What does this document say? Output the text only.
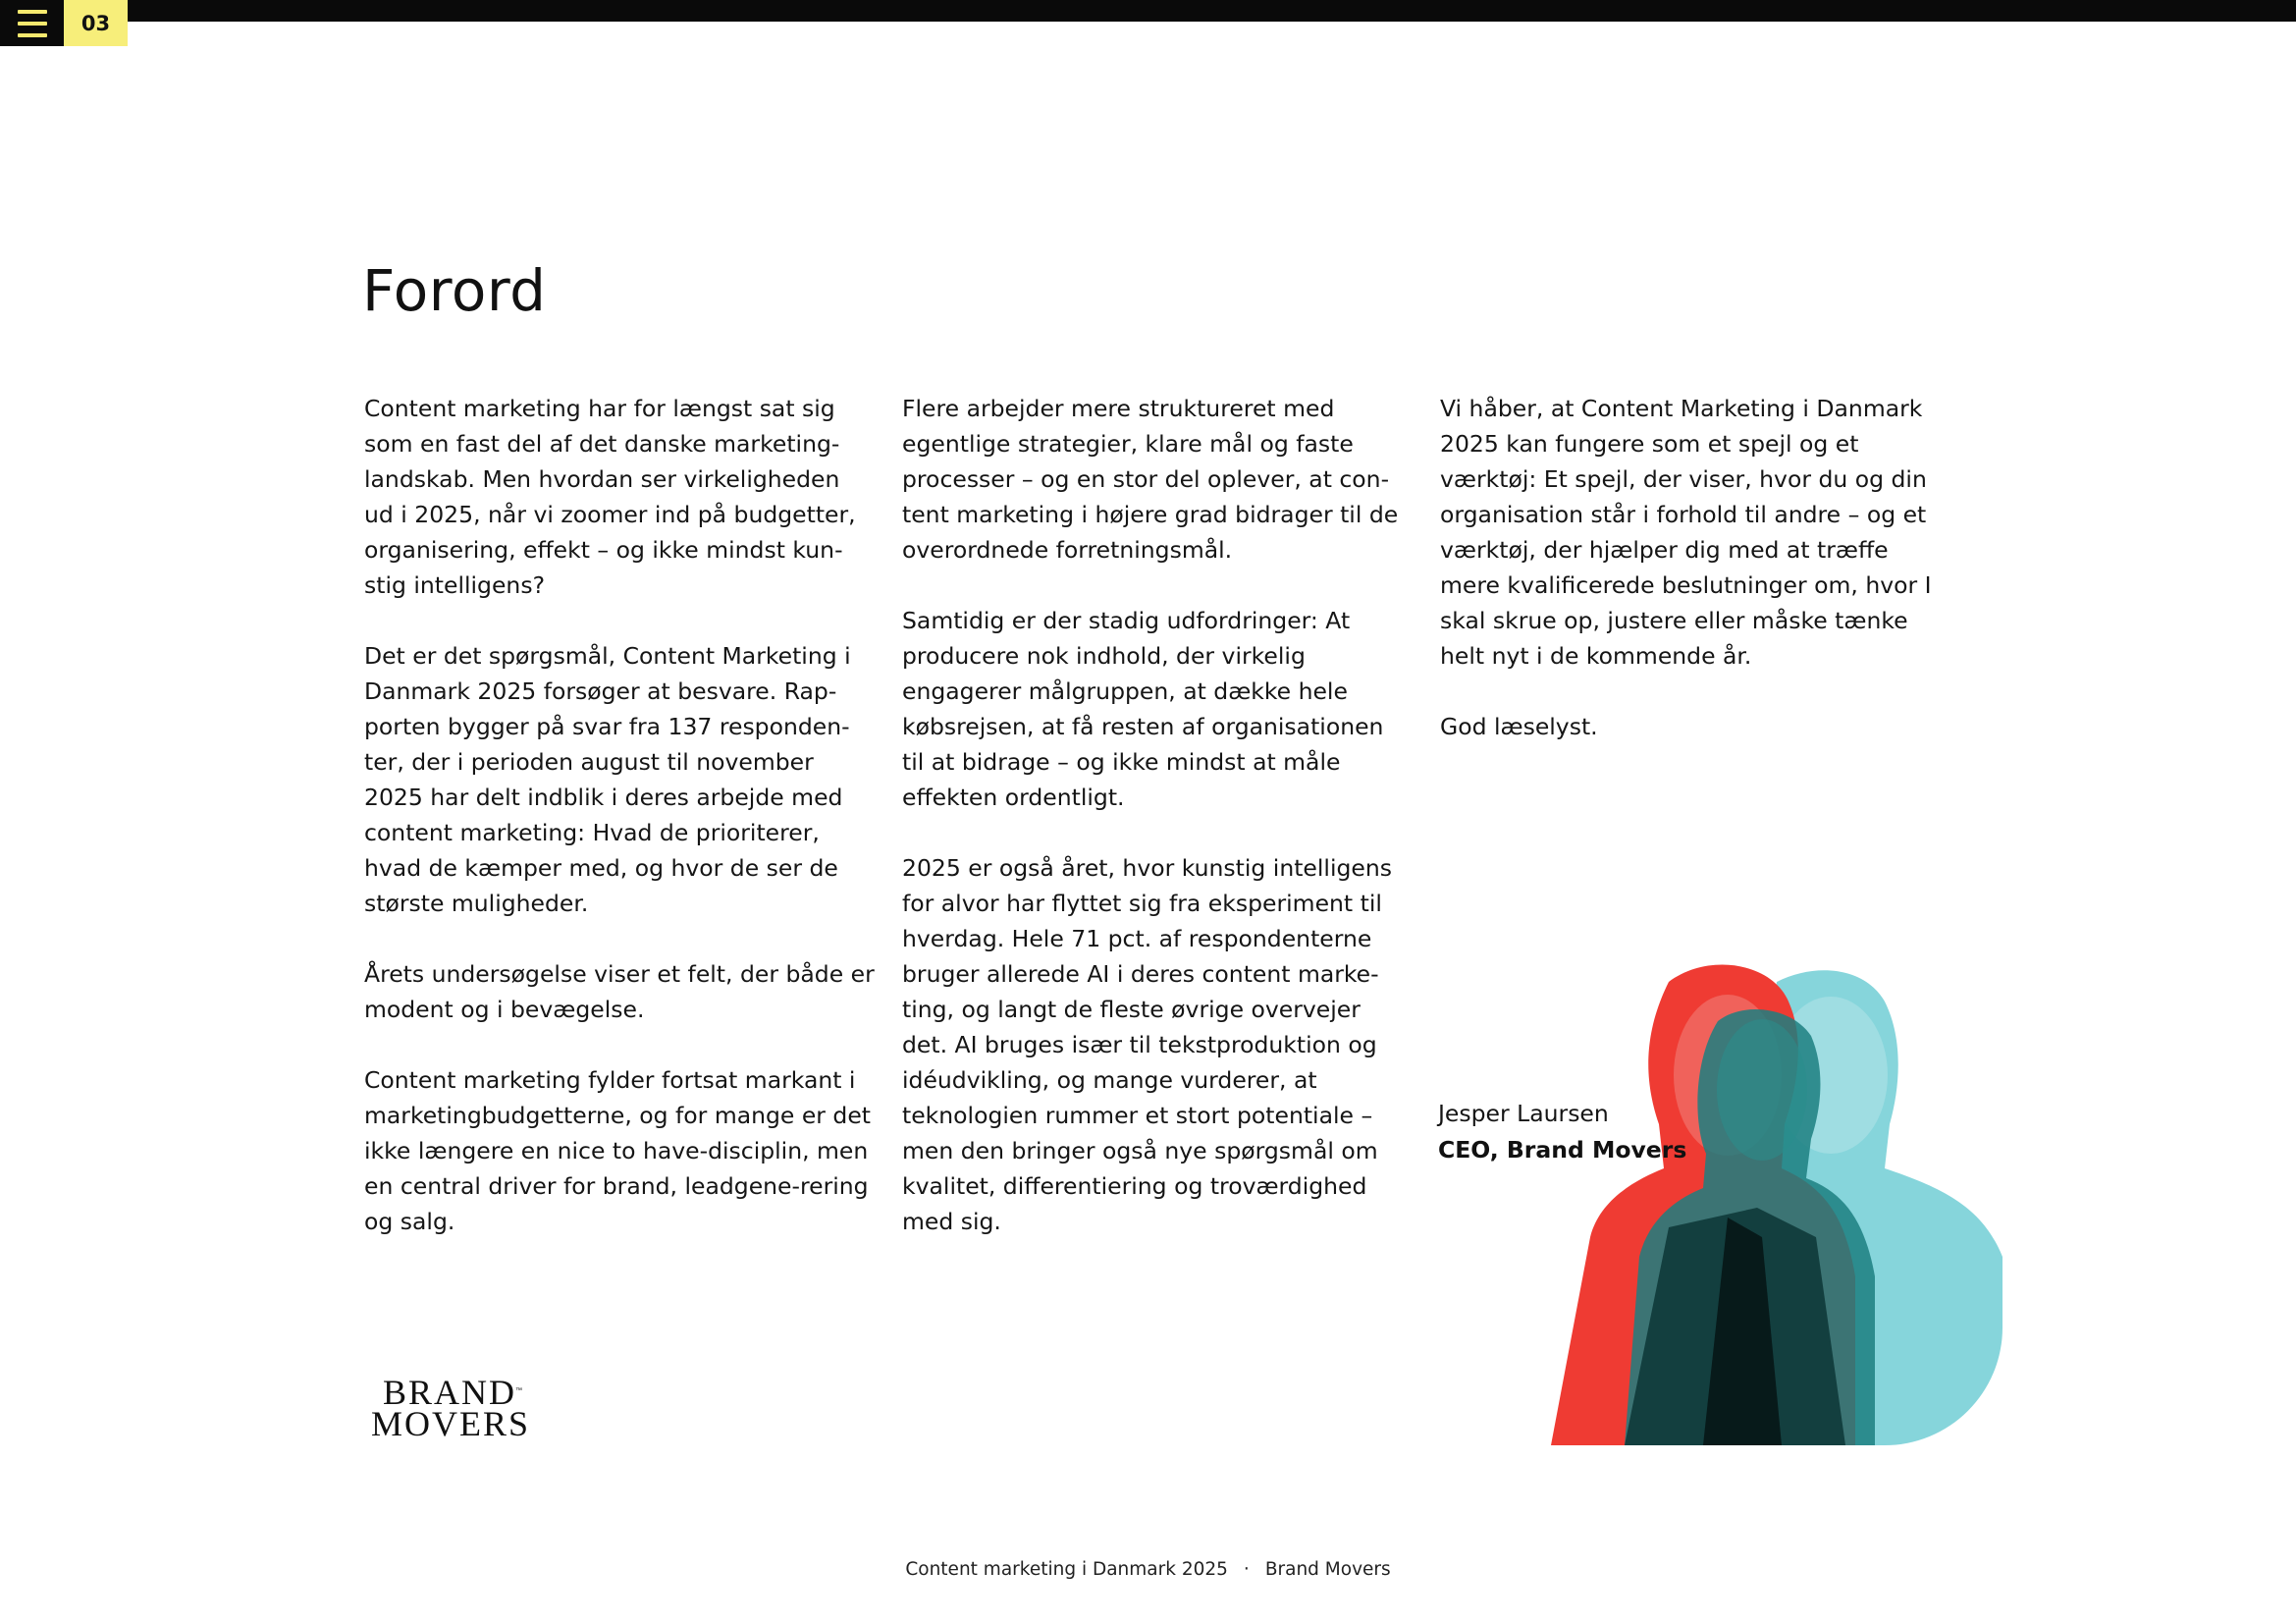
03
Forord

Content marketing har for længst sat sig som en fast del af det danske marketing-landskab. Men hvordan ser virkeligheden ud i 2025, når vi zoomer ind på budgetter, organisering, effekt – og ikke mindst kun-stig intelligens?

Det er det spørgsmål, Content Marketing i Danmark 2025 forsøger at besvare. Rap-porten bygger på svar fra 137 responden-ter, der i perioden august til november 2025 har delt indblik i deres arbejde med content marketing: Hvad de prioriterer, hvad de kæmper med, og hvor de ser de største muligheder.

Årets undersøgelse viser et felt, der både er modent og i bevægelse.

Content marketing fylder fortsat markant i marketingbudgetterne, og for mange er det ikke længere en nice to have-disciplin, men en central driver for brand, leadgene-rering og salg.

Flere arbejder mere struktureret med egentlige strategier, klare mål og faste processer – og en stor del oplever, at con-tent marketing i højere grad bidrager til de overordnede forretningsmål.

Samtidig er der stadig udfordringer: At producere nok indhold, der virkelig engagerer målgruppen, at dække hele købsrejsen, at få resten af organisationen til at bidrage – og ikke mindst at måle effekten ordentligt.

2025 er også året, hvor kunstig intelligens for alvor har flyttet sig fra eksperiment til hverdag. Hele 71 pct. af respondenterne bruger allerede AI i deres content marke-ting, og langt de fleste øvrige overvejer det. AI bruges især til tekstproduktion og idéudvikling, og mange vurderer, at teknologien rummer et stort potentiale – men den bringer også nye spørgsmål om kvalitet, differentiering og troværdighed med sig.

Vi håber, at Content Marketing i Danmark 2025 kan fungere som et spejl og et værktøj: Et spejl, der viser, hvor du og din organisation står i forhold til andre – og et værktøj, der hjælper dig med at træffe mere kvalificerede beslutninger om, hvor I skal skrue op, justere eller måske tænke helt nyt i de kommende år.

God læselyst.

Jesper Laursen
CEO, Brand Movers
BRAND
™
MOVERS
Content marketing i Danmark 2025 · Brand Movers
